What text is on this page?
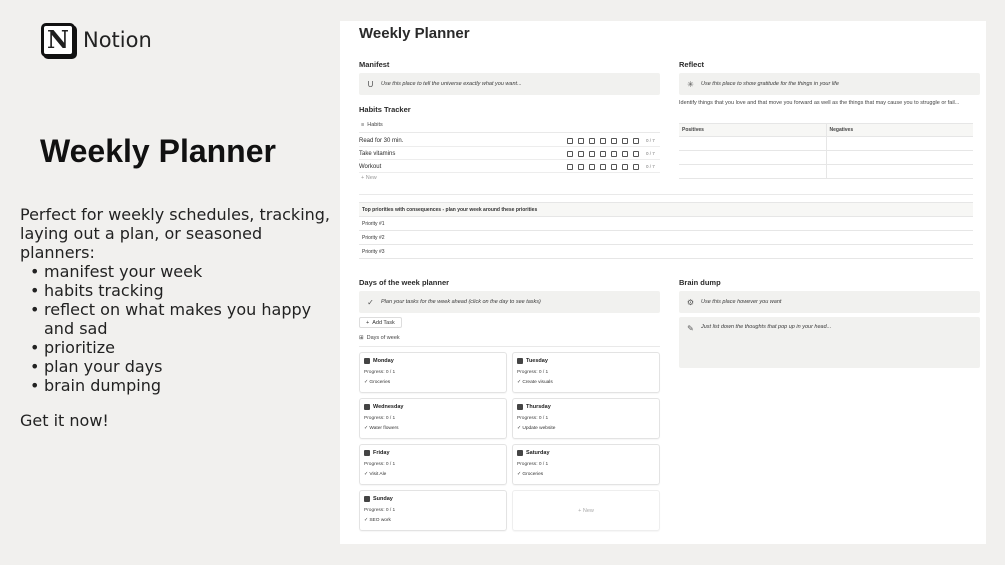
N Notion
Weekly Planner
Perfect for weekly schedules, tracking, laying out a plan, or seasoned planners:
• manifest your week
• habits tracking
• reflect on what makes you happy and sad
• prioritize
• plan your days
• brain dumping
Get it now!
Weekly Planner
Manifest
U Use this place to tell the universe exactly what you want...
Habits Tracker
≡ Habits
Read for 30 min.	0 / 7
Take vitamins	0 / 7
Workout	0 / 7
+ New
Reflect
✳ Use this place to show gratitude for the things in your life
Identify things that you love and that move you forward as well as the things that may cause you to struggle or fail...
Positives	Negatives
Top priorities with consequences - plan your week around these priorities
Priority #1
Priority #2
Priority #3
Days of the week planner
✓ Plan your tasks for the week ahead (click on the day to see tasks)
+ Add Task
⊞ Days of week
Monday
Progress: 0 / 1
✓ Groceries
Tuesday
Progress: 0 / 1
✓ Create visuals
Wednesday
Progress: 0 / 1
✓ Water flowers
Thursday
Progress: 0 / 1
✓ Update website
Friday
Progress: 0 / 1
✓ Visit Ale
Saturday
Progress: 0 / 1
✓ Groceries
Sunday
Progress: 0 / 1
✓ SEO work
+ New
Brain dump
⚙ Use this place however you want
✎ Just list down the thoughts that pop up in your head...
